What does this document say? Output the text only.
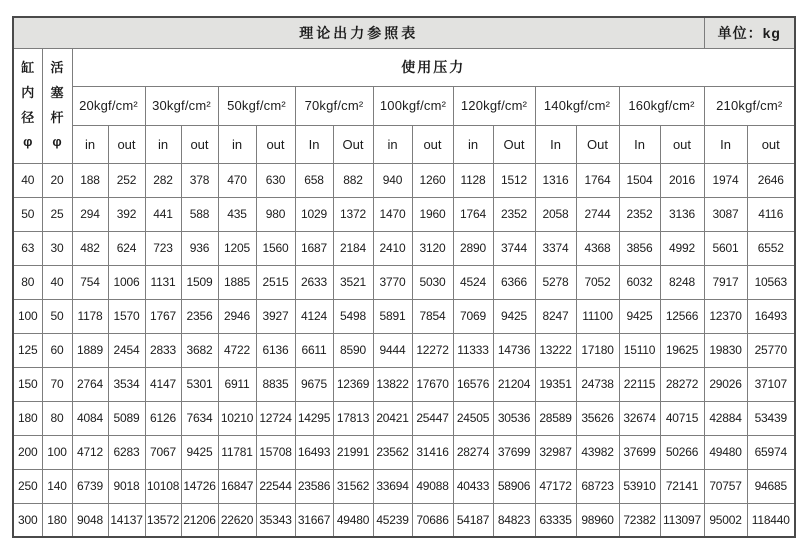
理论出力参照表																		单位：kg	
缸内径φ	活塞杆φ	使用压力																	
		20kgf/cm²		30kgf/cm²		50kgf/cm²		70kgf/cm²		100kgf/cm²		120kgf/cm²		140kgf/cm²		160kgf/cm²		210kgf/cm²	
		in	out	in	out	in	out	In	Out	in	out	in	Out	In	Out	In	out	In	out
40	20	188	252	282	378	470	630	658	882	940	1260	1128	1512	1316	1764	1504	2016	1974	2646
50	25	294	392	441	588	435	980	1029	1372	1470	1960	1764	2352	2058	2744	2352	3136	3087	4116
63	30	482	624	723	936	1205	1560	1687	2184	2410	3120	2890	3744	3374	4368	3856	4992	5601	6552
80	40	754	1006	1131	1509	1885	2515	2633	3521	3770	5030	4524	6366	5278	7052	6032	8248	7917	10563
100	50	1178	1570	1767	2356	2946	3927	4124	5498	5891	7854	7069	9425	8247	11100	9425	12566	12370	16493
125	60	1889	2454	2833	3682	4722	6136	6611	8590	9444	12272	11333	14736	13222	17180	15110	19625	19830	25770
150	70	2764	3534	4147	5301	6911	8835	9675	12369	13822	17670	16576	21204	19351	24738	22115	28272	29026	37107
180	80	4084	5089	6126	7634	10210	12724	14295	17813	20421	25447	24505	30536	28589	35626	32674	40715	42884	53439
200	100	4712	6283	7067	9425	11781	15708	16493	21991	23562	31416	28274	37699	32987	43982	37699	50266	49480	65974
250	140	6739	9018	10108	14726	16847	22544	23586	31562	33694	49088	40433	58906	47172	68723	53910	72141	70757	94685
300	180	9048	14137	13572	21206	22620	35343	31667	49480	45239	70686	54187	84823	63335	98960	72382	113097	95002	118440
